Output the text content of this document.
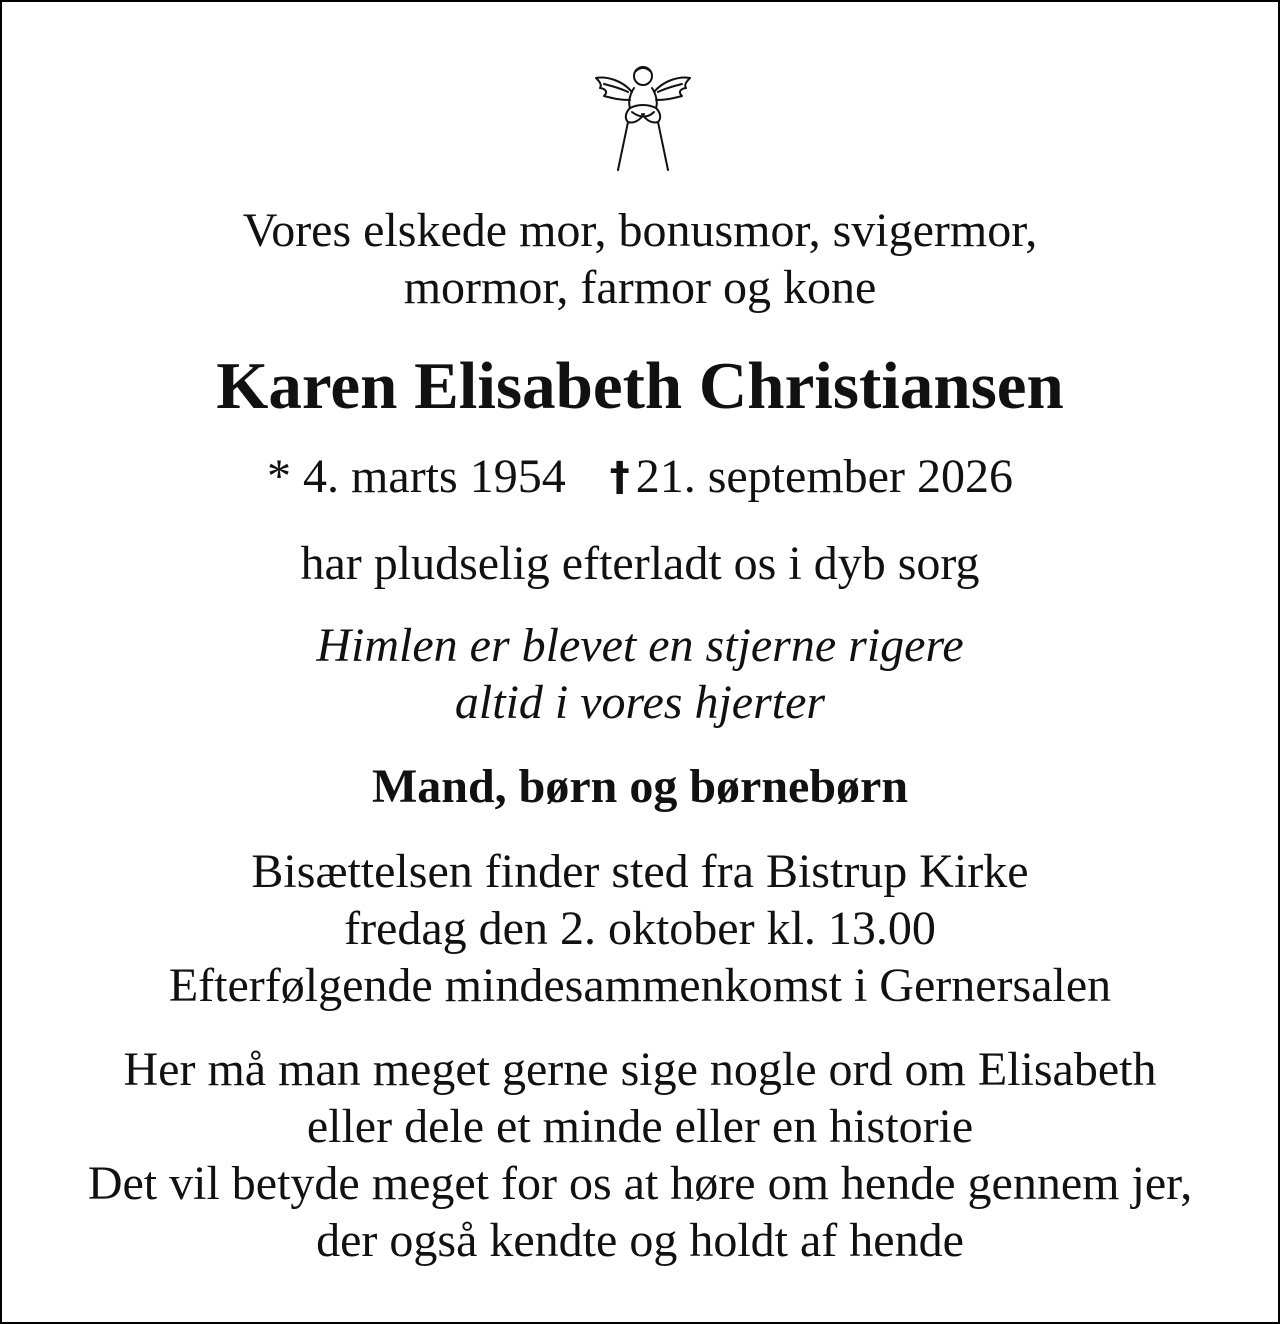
Vores elskede mor, bonusmor, svigermor,
mormor, farmor og kone
Karen Elisabeth Christiansen
* 4. marts 1954 † 21. september 2026
har pludselig efterladt os i dyb sorg
Himlen er blevet en stjerne rigere
altid i vores hjerter
Mand, børn og børnebørn
Bisættelsen finder sted fra Bistrup Kirke
fredag den 2. oktober kl. 13.00
Efterfølgende mindesammenkomst i Gernersalen
Her må man meget gerne sige nogle ord om Elisabeth
eller dele et minde eller en historie
Det vil betyde meget for os at høre om hende gennem jer,
der også kendte og holdt af hende
